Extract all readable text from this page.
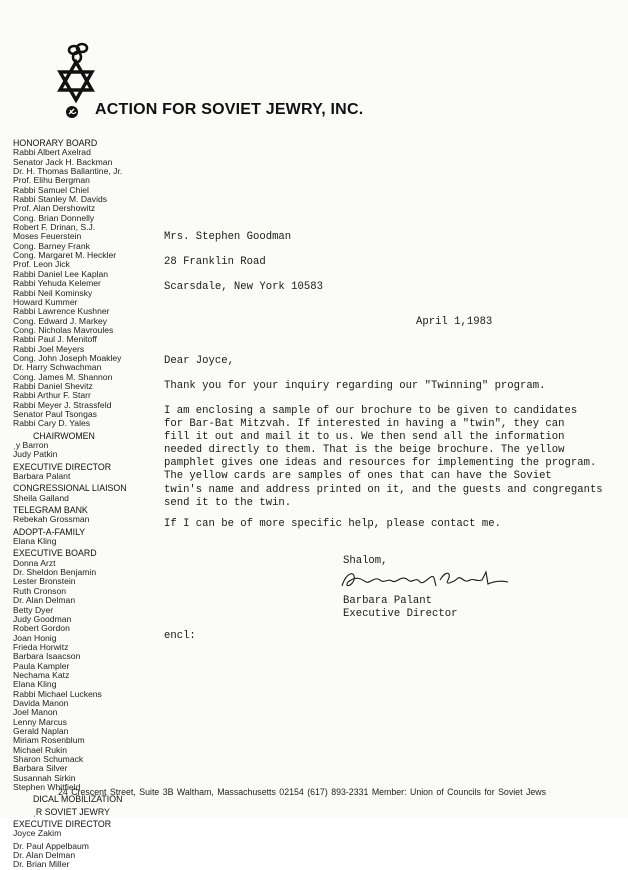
ACTION FOR SOVIET JEWRY, INC.
HONORARY BOARD
Rabbi Albert Axelrad
Senator Jack H. Backman
Dr. H. Thomas Ballantine, Jr.
Prof. Elihu Bergman
Rabbi Samuel Chiel
Rabbi Stanley M. Davids
Prof. Alan Dershowitz
Cong. Brian Donnelly
Robert F. Drinan, S.J.
Moses Feuerstein
Cong. Barney Frank
Cong. Margaret M. Heckler
Prof. Leon Jick
Rabbi Daniel Lee Kaplan
Rabbi Yehuda Kelemer
Rabbi Neil Kominsky
Howard Kummer
Rabbi Lawrence Kushner
Cong. Edward J. Markey
Cong. Nicholas Mavroules
Rabbi Paul J. Menitoff
Rabbi Joel Meyers
Cong. John Joseph Moakley
Dr. Harry Schwachman
Cong. James M. Shannon
Rabbi Daniel Shevitz
Rabbi Arthur F. Starr
Rabbi Meyer J. Strassfeld
Senator Paul Tsongas
Rabbi Cary D. Yales
CHAIRWOMEN
ˌy Barron
Judy Patkin
EXECUTIVE DIRECTOR
Barbara Palant
CONGRESSIONAL LIAISON
Sheila Galland
TELEGRAM BANK
Rebekah Grossman
ADOPT-A-FAMILY
Elana Kling
EXECUTIVE BOARD
Donna Arzt
Dr. Sheldon Benjamin
Lester Bronstein
Ruth Cronson
Dr. Alan Delman
Betty Dyer
Judy Goodman
Robert Gordon
Joan Honig
Frieda Horwitz
Barbara Isaacson
Paula Kampler
Nechama Katz
Elana Kling
Rabbi Michael Luckens
Davida Manon
Joel Manon
Lenny Marcus
Gerald Naplan
Miriam Rosenblum
Michael Rukin
Sharon Schumack
Barbara Silver
Susannah Sirkin
Stephen Whitfield
DICAL MOBILIZATION
ˌR SOVIET JEWRY
EXECUTIVE DIRECTOR
Joyce Zakim
Dr. Paul Appelbaum
Dr. Alan Delman
Dr. Brian Miller
Mrs. Stephen Goodman
28 Franklin Road
Scarsdale, New York 10583
April 1,1983
Dear Joyce,
Thank you for your inquiry regarding our "Twinning" program.
I am enclosing a sample of our brochure to be given to candidates
for Bar-Bat Mitzvah. If interested in having a "twin", they can
fill it out and mail it to us. We then send all the information
needed directly to them. That is the beige brochure. The yellow
pamphlet gives one ideas and resources for implementing the program.
The yellow cards are samples of ones that can have the Soviet
twin's name and address printed on it, and the guests and congregants
send it to the twin.
If I can be of more specific help, please contact me.
Shalom,
Barbara Palant
Executive Director
encl:
24 Crescent Street, Suite 3B Waltham, Massachusetts 02154 (617) 893-2331 Member: Union of Councils for Soviet Jews
